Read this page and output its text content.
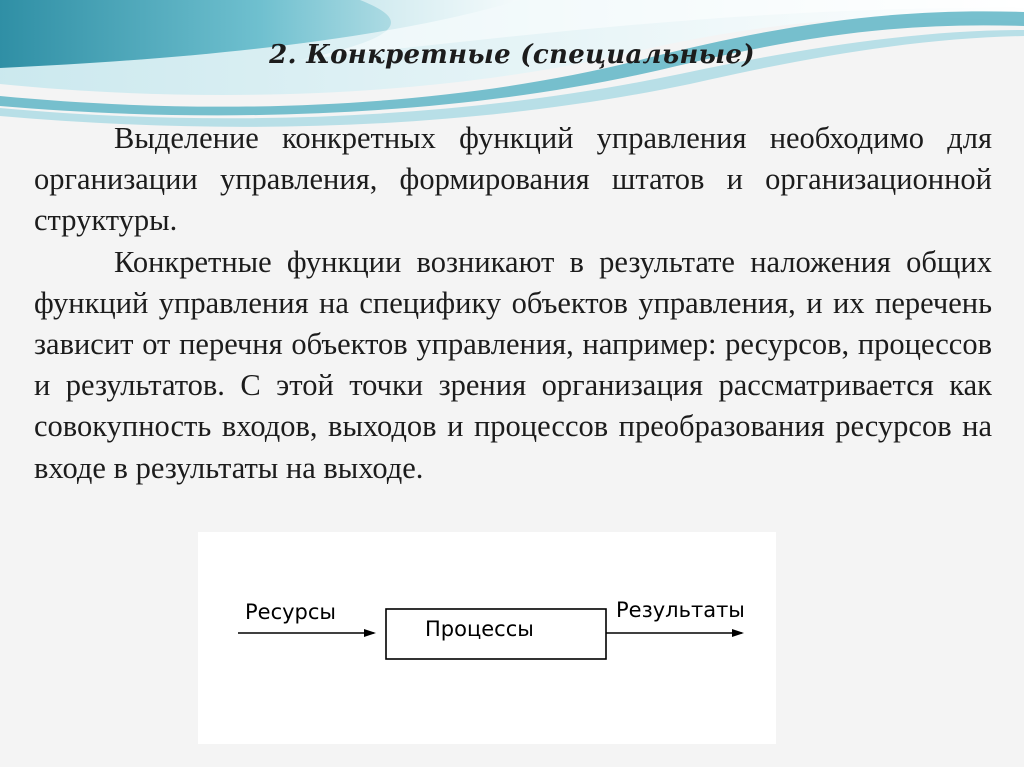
2. Конкретные (специальные)

Выделение конкретных функций управления необходимо для организации управления, формирования штатов и организационной структуры.

Конкретные функции возникают в результате наложения общих функций управления на специфику объектов управления, и их перечень зависит от перечня объектов управления, например: ресурсов, процессов и результатов. С этой точки зрения организация рассматривается как совокупность входов, выходов и процессов преобразования ресурсов на входе в результаты на выходе.

Ресурсы
Процессы
Результаты
